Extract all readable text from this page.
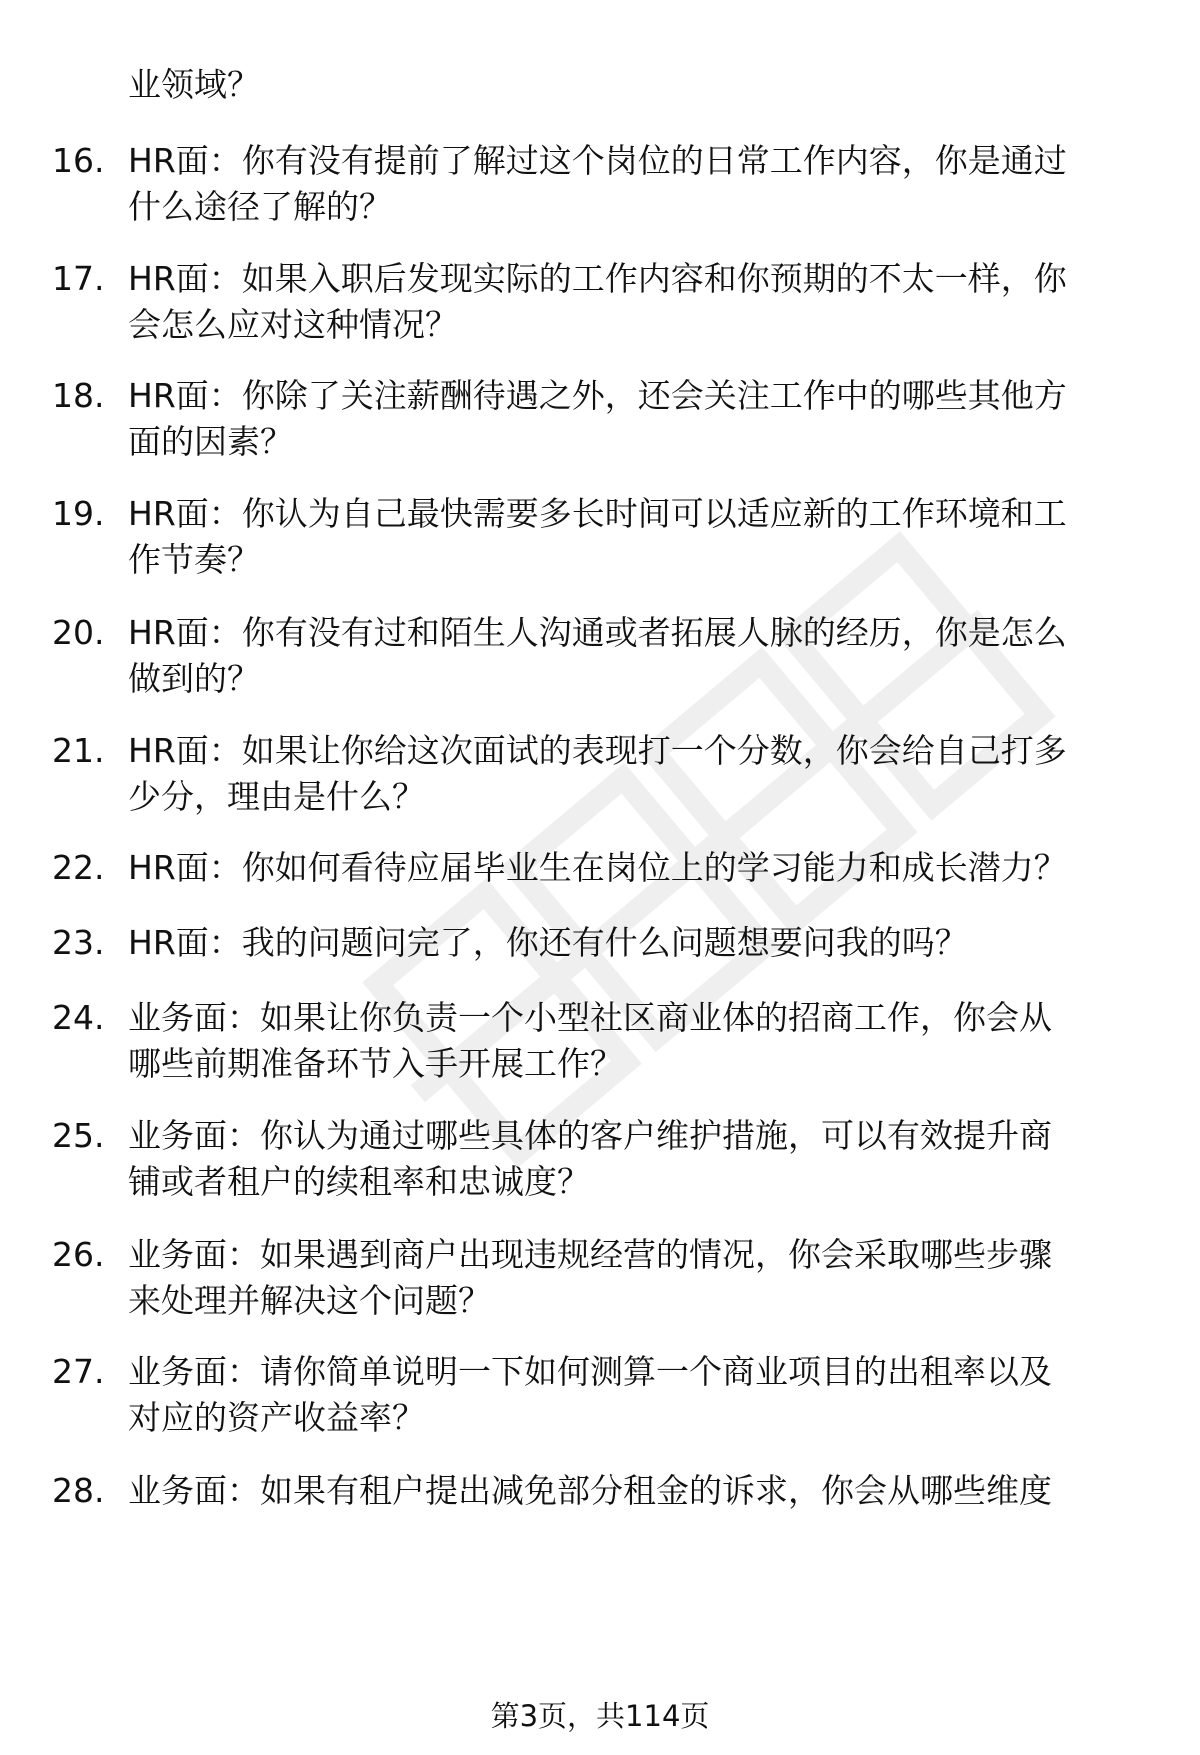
业领域？
16. HR面：你有没有提前了解过这个岗位的日常工作内容，你是通过
什么途径了解的？
17. HR面：如果入职后发现实际的工作内容和你预期的不太一样，你
会怎么应对这种情况？
18. HR面：你除了关注薪酬待遇之外，还会关注工作中的哪些其他方
面的因素？
19. HR面：你认为自己最快需要多长时间可以适应新的工作环境和工
作节奏？
20. HR面：你有没有过和陌生人沟通或者拓展人脉的经历，你是怎么
做到的？
21. HR面：如果让你给这次面试的表现打一个分数，你会给自己打多
少分，理由是什么？
22. HR面：你如何看待应届毕业生在岗位上的学习能力和成长潜力？
23. HR面：我的问题问完了，你还有什么问题想要问我的吗？
24. 业务面：如果让你负责一个小型社区商业体的招商工作，你会从
哪些前期准备环节入手开展工作？
25. 业务面：你认为通过哪些具体的客户维护措施，可以有效提升商
铺或者租户的续租率和忠诚度？
26. 业务面：如果遇到商户出现违规经营的情况，你会采取哪些步骤
来处理并解决这个问题？
27. 业务面：请你简单说明一下如何测算一个商业项目的出租率以及
对应的资产收益率？
28. 业务面：如果有租户提出减免部分租金的诉求，你会从哪些维度
第3页，共114页
